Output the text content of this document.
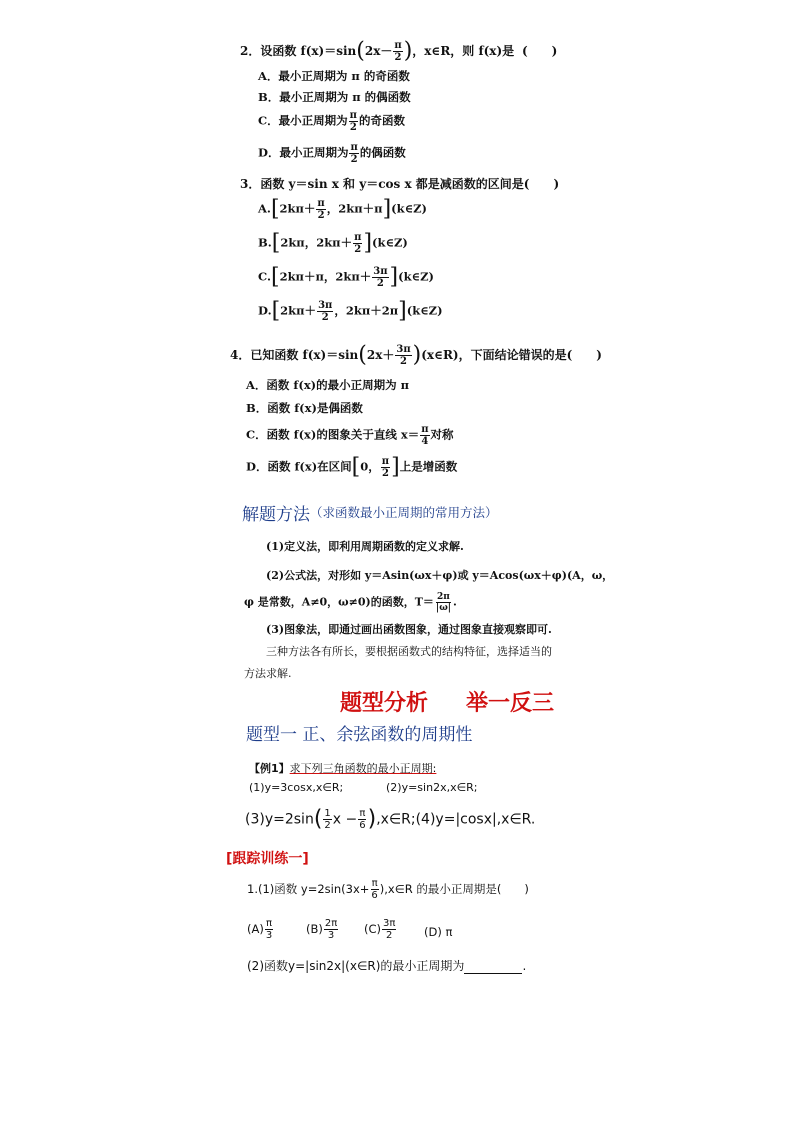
2．设函数 $f(x)=\sin(2x- \frac{\pi}{2}$ )，x∈R，则 f(x)是 (　　)
A．最小正周期为 π 的奇函数
B．最小正周期为 π 的偶函数
C．最小正周期为 $\frac{\pi}{2}$ 的奇函数
D．最小正周期为 $\frac{\pi}{2}$ 的偶函数
3．函数 y＝sin x 和 y＝cos x 都是减函数的区间是(　　)
$A.[2k\pi+ \frac{\pi}{2}$ ，2kπ＋π](k∈Z)
B.[2kπ，$2k\pi+ \frac{\pi}{2}$ ](k∈Z)
C.[2kπ＋π，$2k\pi+ \frac{3\pi}{2}$ ](k∈Z)
$D.[2k\pi+ \frac{3\pi}{2}$ ，2kπ＋2π](k∈Z)
4．已知函数 $f(x)=\sin(2x+ \frac{3\pi}{2}$ )(x∈R)，下面结论错误的是(　　)
A．函数 f(x)的最小正周期为 π
B．函数 f(x)是偶函数
C．函数 f(x)的图象关于直线 $x= \frac{\pi}{4}$ 对称
D．函数 f(x)在区间[0， $\frac{\pi}{2}$ ]上是增函数
解题方法 （求函数最小正周期的常用方法）
(1)定义法，即利用周期函数的定义求解.
(2)公式法，对形如 y＝Asin(ωx＋φ)或 y＝Acos(ωx＋φ)(A，ω，
φ 是常数，A≠0，ω≠0)的函数，$T= \frac{2\pi}{|\omega|}$ .
(3)图象法，即通过画出函数图象，通过图象直接观察即可.
三种方法各有所长，要根据函数式的结构特征，选择适当的
方法求解.
题型分析 举一反三
题型一 正、余弦函数的周期性
【例1】求下列三角函数的最小正周期:
(1)y=3cosx,x∈R;	(2)y=sin2x,x∈R;
$(3)y=2\sin( \frac{1}{2}$ $x - \frac{\pi}{6}$ ),x∈R;(4)y=|cosx|,x∈R.
[跟踪训练一]
1.(1)函数 $y=2\sin(3x+ \frac{\pi}{6}$ ),x∈R 的最小正周期是(　　)
$(A) \frac{\pi}{3}$	$(B) \frac{2\pi}{3} (C) \frac{3\pi}{2} (D)$ π
(2)函数y=|sin2x|(x∈R)的最小正周期为	.
